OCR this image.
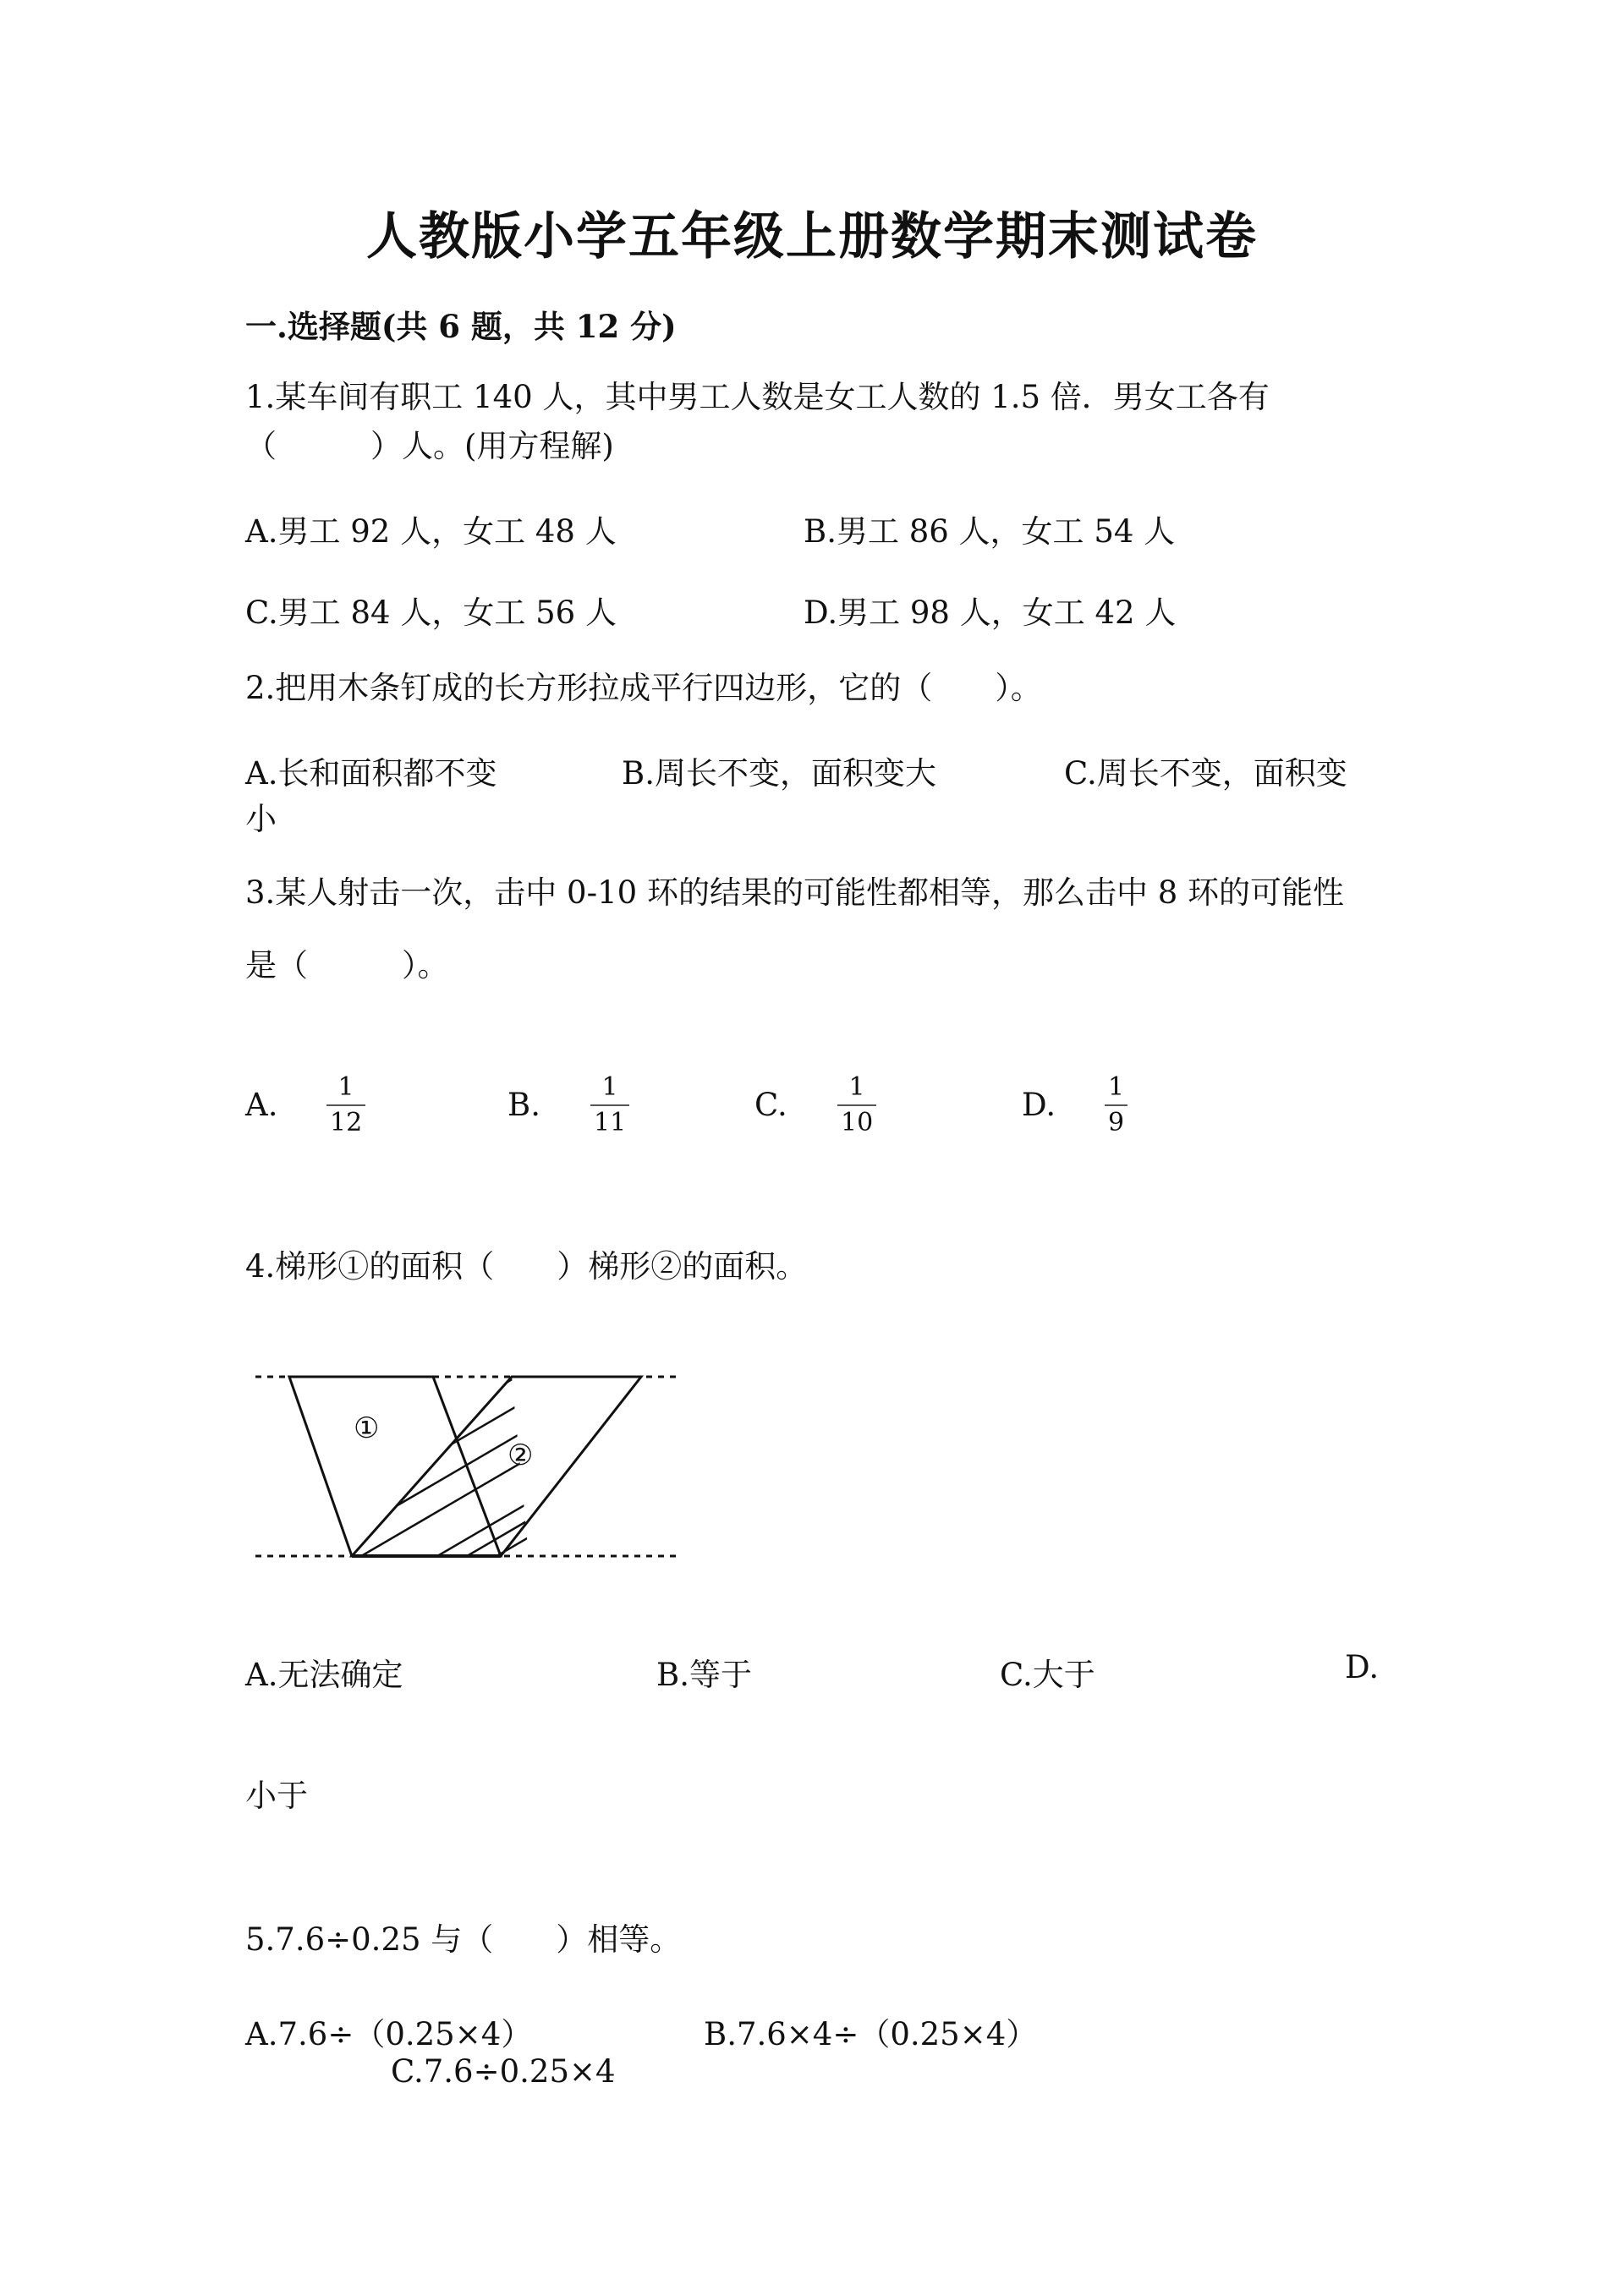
人教版小学五年级上册数学期末测试卷
一.选择题(共 6 题，共 12 分)
1.某车间有职工 140 人，其中男工人数是女工人数的 1.5 倍．男女工各有
（　　　）人。(用方程解)
A.男工 92 人，女工 48 人	B.男工 86 人，女工 54 人
C.男工 84 人，女工 56 人	D.男工 98 人，女工 42 人
2.把用木条钉成的长方形拉成平行四边形，它的（　　）。
A.长和面积都不变	B.周长不变，面积变大	C.周长不变，面积变
小
3.某人射击一次，击中 0-10 环的结果的可能性都相等，那么击中 8 环的可能性
是（　　　）。
A.	1
12	B.	1
11	C.	1
10	D. 1
9
4.梯形①的面积（　　）梯形②的面积。
①
②
A.无法确定	B.等于	C.大于	D.
小于
5.7.6÷0.25 与（　　）相等。
A.7.6÷（0.25×4）	B.7.6×4÷（0.25×4）
C.7.6÷0.25×4
